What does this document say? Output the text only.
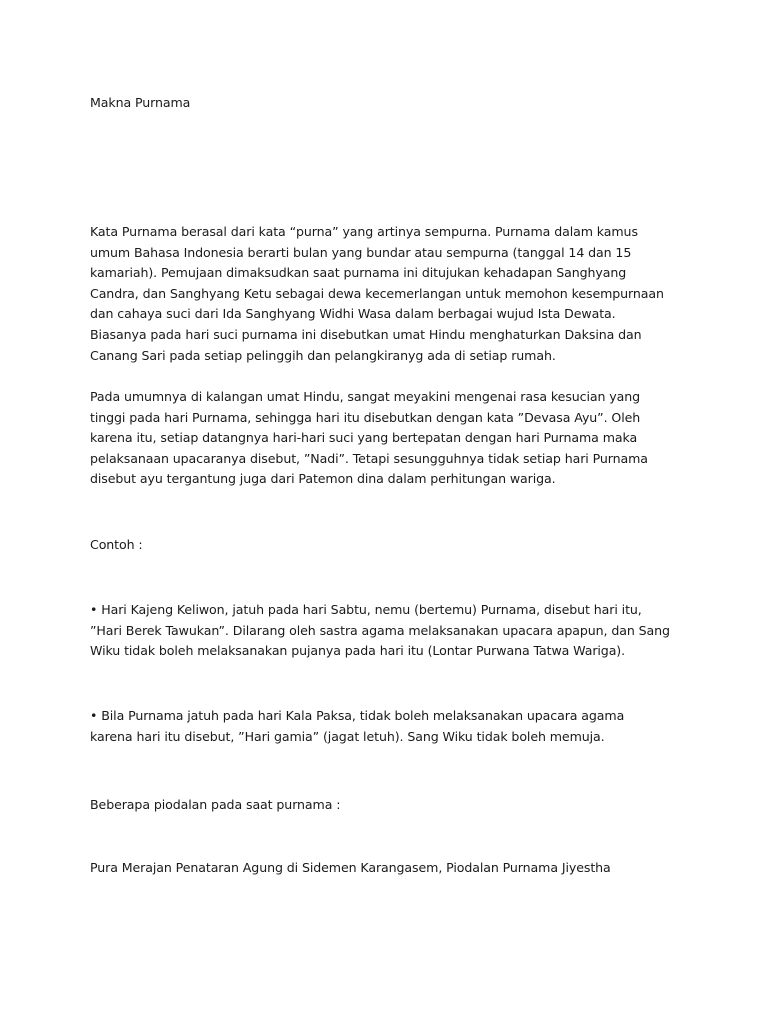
Makna Purnama

Kata Purnama berasal dari kata “purna” yang artinya sempurna. Purnama dalam kamus umum Bahasa Indonesia berarti bulan yang bundar atau sempurna (tanggal 14 dan 15 kamariah). Pemujaan dimaksudkan saat purnama ini ditujukan kehadapan Sanghyang Candra, dan Sanghyang Ketu sebagai dewa kecemerlangan untuk memohon kesempurnaan dan cahaya suci dari Ida Sanghyang Widhi Wasa dalam berbagai wujud Ista Dewata. Biasanya pada hari suci purnama ini disebutkan umat Hindu menghaturkan Daksina dan Canang Sari pada setiap pelinggih dan pelangkiranyg ada di setiap rumah.

Pada umumnya di kalangan umat Hindu, sangat meyakini mengenai rasa kesucian yang tinggi pada hari Purnama, sehingga hari itu disebutkan dengan kata ”Devasa Ayu”. Oleh karena itu, setiap datangnya hari-hari suci yang bertepatan dengan hari Purnama maka pelaksanaan upacaranya disebut, ”Nadi”. Tetapi sesungguhnya tidak setiap hari Purnama disebut ayu tergantung juga dari Patemon dina dalam perhitungan wariga.

Contoh :

• Hari Kajeng Keliwon, jatuh pada hari Sabtu, nemu (bertemu) Purnama, disebut hari itu, ”Hari Berek Tawukan”. Dilarang oleh sastra agama melaksanakan upacara apapun, dan Sang Wiku tidak boleh melaksanakan pujanya pada hari itu (Lontar Purwana Tatwa Wariga).

• Bila Purnama jatuh pada hari Kala Paksa, tidak boleh melaksanakan upacara agama karena hari itu disebut, ”Hari gamia” (jagat letuh). Sang Wiku tidak boleh memuja.

Beberapa piodalan pada saat purnama :

Pura Merajan Penataran Agung di Sidemen Karangasem, Piodalan Purnama Jiyestha
